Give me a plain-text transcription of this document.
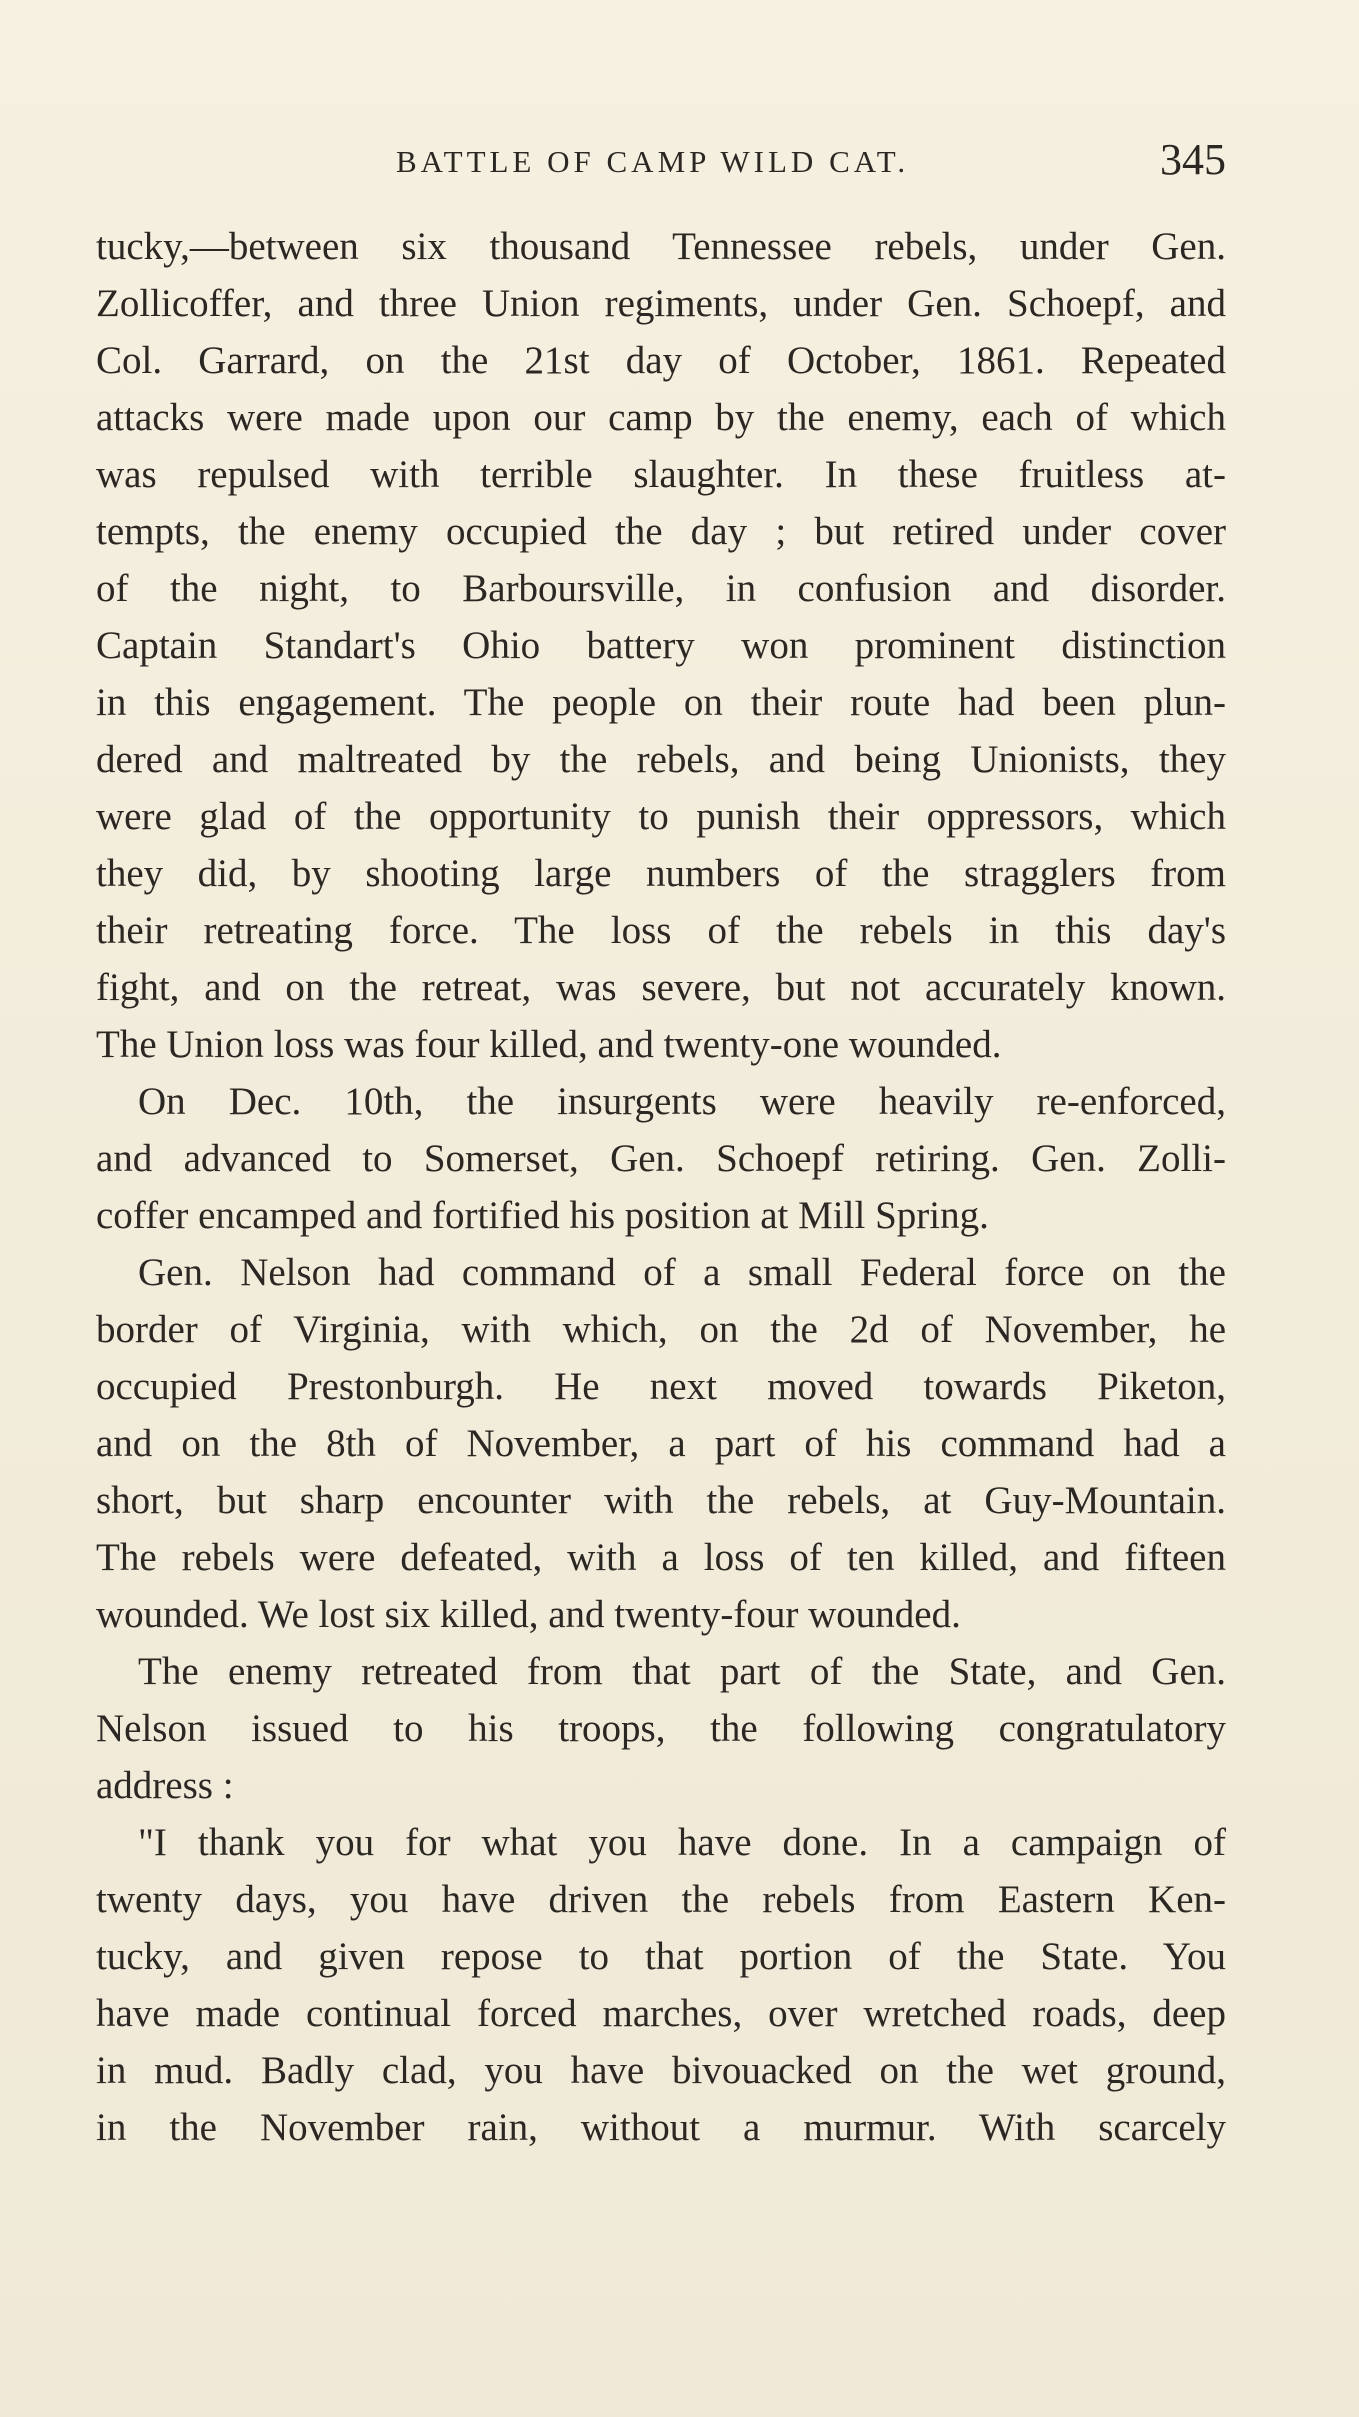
BATTLE OF CAMP WILD CAT.	345
tucky,—between six thousand Tennessee rebels, under Gen.
Zollicoffer, and three Union regiments, under Gen. Schoepf, and
Col. Garrard, on the 21st day of October, 1861. Repeated
attacks were made upon our camp by the enemy, each of which
was repulsed with terrible slaughter. In these fruitless at-
tempts, the enemy occupied the day ; but retired under cover
of the night, to Barboursville, in confusion and disorder.
Captain Standart's Ohio battery won prominent distinction
in this engagement. The people on their route had been plun-
dered and maltreated by the rebels, and being Unionists, they
were glad of the opportunity to punish their oppressors, which
they did, by shooting large numbers of the stragglers from
their retreating force. The loss of the rebels in this day's
fight, and on the retreat, was severe, but not accurately known.
The Union loss was four killed, and twenty-one wounded.
On Dec. 10th, the insurgents were heavily re-enforced,
and advanced to Somerset, Gen. Schoepf retiring. Gen. Zolli-
coffer encamped and fortified his position at Mill Spring.
Gen. Nelson had command of a small Federal force on the
border of Virginia, with which, on the 2d of November, he
occupied Prestonburgh. He next moved towards Piketon,
and on the 8th of November, a part of his command had a
short, but sharp encounter with the rebels, at Guy-Mountain.
The rebels were defeated, with a loss of ten killed, and fifteen
wounded. We lost six killed, and twenty-four wounded.
The enemy retreated from that part of the State, and Gen.
Nelson issued to his troops, the following congratulatory
address :
"I thank you for what you have done. In a campaign of
twenty days, you have driven the rebels from Eastern Ken-
tucky, and given repose to that portion of the State. You
have made continual forced marches, over wretched roads, deep
in mud. Badly clad, you have bivouacked on the wet ground,
in the November rain, without a murmur. With scarcely
